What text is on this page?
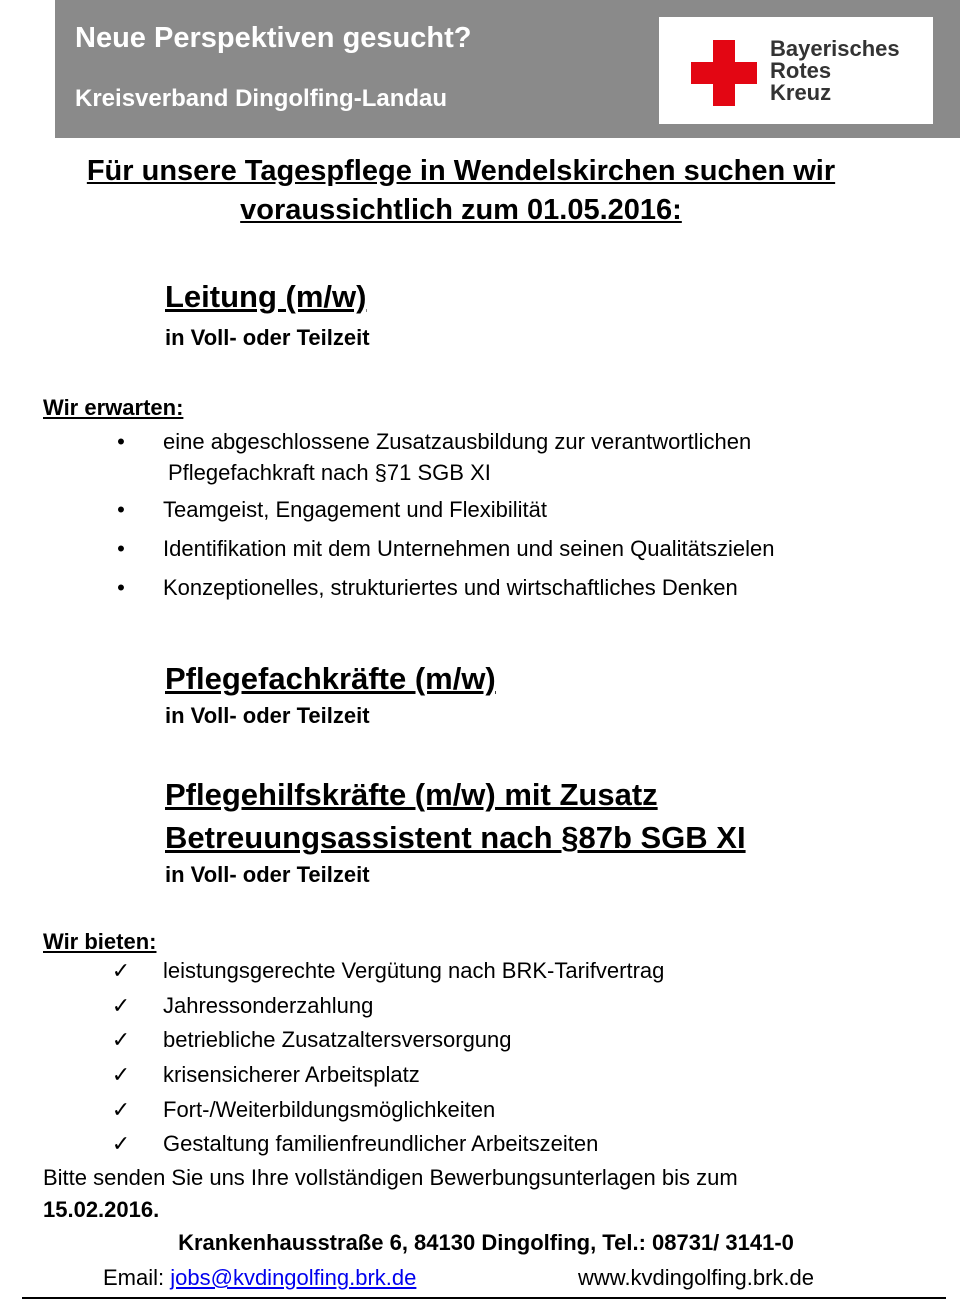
Neue Perspektiven gesucht?
Kreisverband Dingolfing-Landau
Bayerisches
Rotes
Kreuz
Für unsere Tagespflege in Wendelskirchen suchen wir
voraussichtlich zum 01.05.2016:
Leitung (m/w)
in Voll- oder Teilzeit
Wir erwarten:
•	eine abgeschlossene Zusatzausbildung zur verantwortlichen
Pflegefachkraft nach §71 SGB XI
•	Teamgeist, Engagement und Flexibilität
•	Identifikation mit dem Unternehmen und seinen Qualitätszielen
•	Konzeptionelles, strukturiertes und wirtschaftliches Denken
Pflegefachkräfte (m/w)
in Voll- oder Teilzeit
Pflegehilfskräfte (m/w) mit Zusatz
Betreuungsassistent nach §87b SGB XI
in Voll- oder Teilzeit
Wir bieten:
✓ leistungsgerechte Vergütung nach BRK-Tarifvertrag
✓ Jahressonderzahlung
✓ betriebliche Zusatzaltersversorgung
✓ krisensicherer Arbeitsplatz
✓ Fort-/Weiterbildungsmöglichkeiten
✓ Gestaltung familienfreundlicher Arbeitszeiten
Bitte senden Sie uns Ihre vollständigen Bewerbungsunterlagen bis zum
15.02.2016.
Krankenhausstraße 6, 84130 Dingolfing, Tel.: 08731/ 3141-0
Email: jobs@kvdingolfing.brk.de	www.kvdingolfing.brk.de
